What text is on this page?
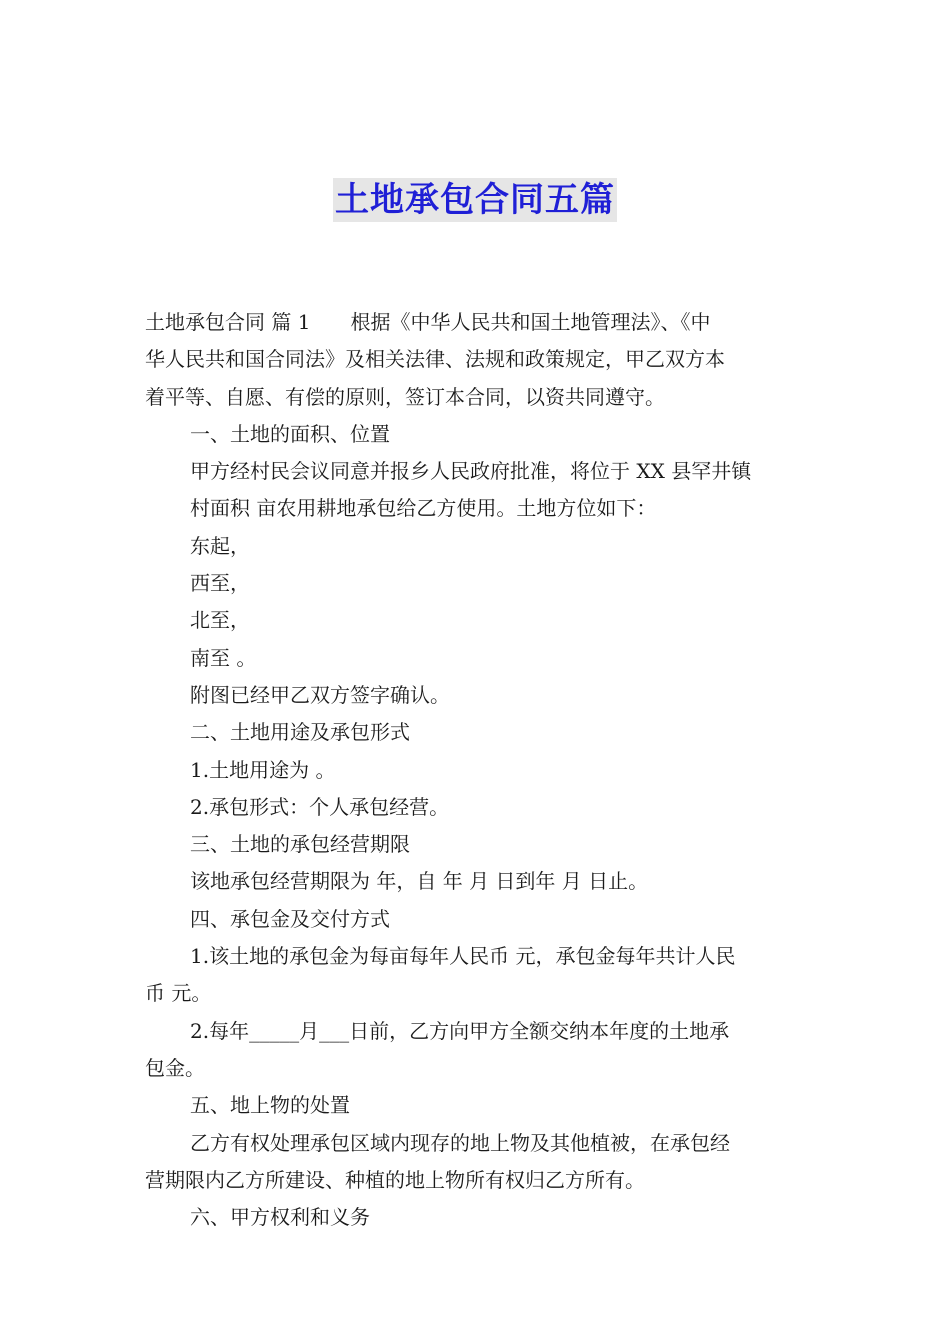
土地承包合同五篇
土地承包合同 篇 1　　根据《中华人民共和国土地管理法》、《中
华人民共和国合同法》及相关法律、法规和政策规定，甲乙双方本
着平等、自愿、有偿的原则，签订本合同，以资共同遵守。
一、土地的面积、位置
甲方经村民会议同意并报乡人民政府批准，将位于 XX 县罕井镇
村面积 亩农用耕地承包给乙方使用。土地方位如下：
东起，
西至，
北至，
南至 。
附图已经甲乙双方签字确认。
二、土地用途及承包形式
1.土地用途为 。
2.承包形式：个人承包经营。
三、土地的承包经营期限
该地承包经营期限为 年，自 年 月 日到年 月 日止。
四、承包金及交付方式
1.该土地的承包金为每亩每年人民币 元，承包金每年共计人民
币 元。
2.每年_____月___日前，乙方向甲方全额交纳本年度的土地承
包金。
五、地上物的处置
乙方有权处理承包区域内现存的地上物及其他植被，在承包经
营期限内乙方所建设、种植的地上物所有权归乙方所有。
六、甲方权利和义务
